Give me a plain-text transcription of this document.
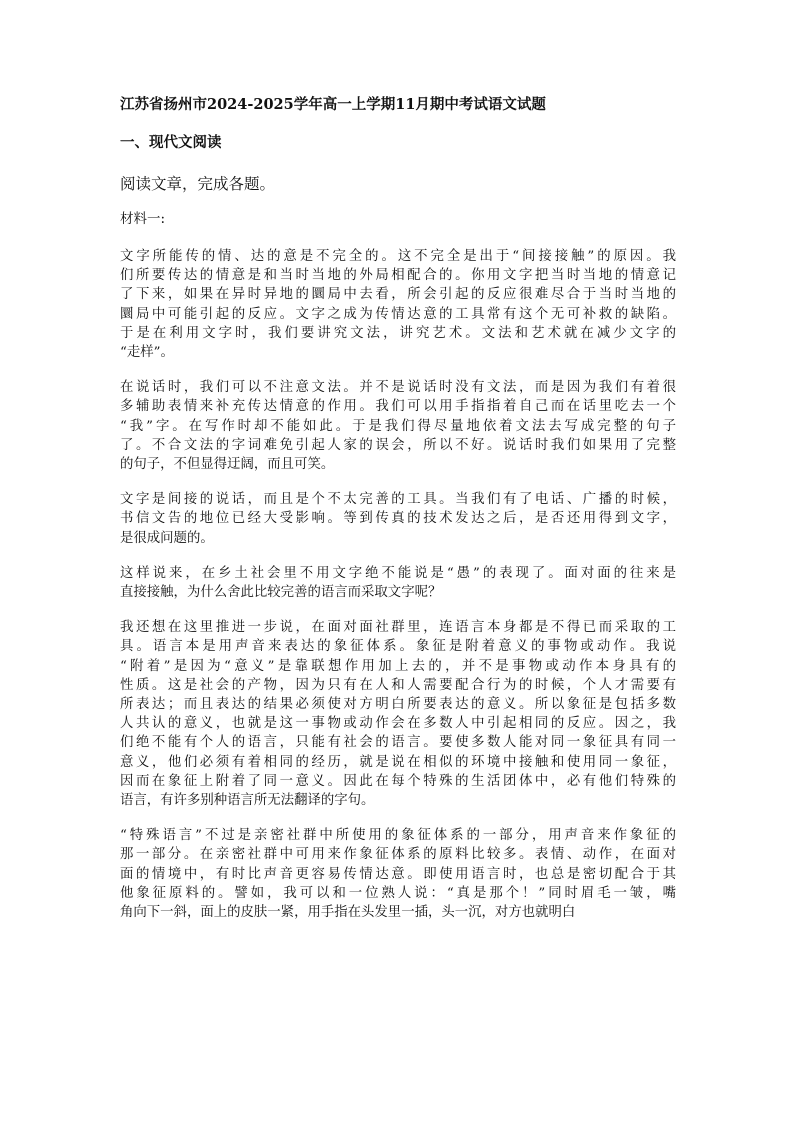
江苏省扬州市2024-2025学年高一上学期11月期中考试语文试题
一、现代文阅读
阅读文章，完成各题。
材料一:
文字所能传的情、达的意是不完全的。这不完全是出于“间接接触”的原因。我
们所要传达的情意是和当时当地的外局相配合的。你用文字把当时当地的情意记
了下来，如果在异时异地的圜局中去看，所会引起的反应很难尽合于当时当地的
圜局中可能引起的反应。文字之成为传情达意的工具常有这个无可补救的缺陷。
于是在利用文字时，我们要讲究文法，讲究艺术。文法和艺术就在减少文字的
“走样”。
在说话时，我们可以不注意文法。并不是说话时没有文法，而是因为我们有着很
多辅助表情来补充传达情意的作用。我们可以用手指指着自己而在话里吃去一个
“我”字。在写作时却不能如此。于是我们得尽量地依着文法去写成完整的句子
了。不合文法的字词难免引起人家的误会，所以不好。说话时我们如果用了完整
的句子，不但显得迂阔，而且可笑。
文字是间接的说话，而且是个不太完善的工具。当我们有了电话、广播的时候，
书信文告的地位已经大受影响。等到传真的技术发达之后，是否还用得到文字，
是很成问题的。
这样说来，在乡土社会里不用文字绝不能说是“愚”的表现了。面对面的往来是
直接接触，为什么舍此比较完善的语言而采取文字呢？
我还想在这里推进一步说，在面对面社群里，连语言本身都是不得已而采取的工
具。语言本是用声音来表达的象征体系。象征是附着意义的事物或动作。我说
“附着”是因为“意义”是靠联想作用加上去的，并不是事物或动作本身具有的
性质。这是社会的产物，因为只有在人和人需要配合行为的时候，个人才需要有
所表达；而且表达的结果必须使对方明白所要表达的意义。所以象征是包括多数
人共认的意义，也就是这一事物或动作会在多数人中引起相同的反应。因之，我
们绝不能有个人的语言，只能有社会的语言。要使多数人能对同一象征具有同一
意义，他们必须有着相同的经历，就是说在相似的环境中接触和使用同一象征，
因而在象征上附着了同一意义。因此在每个特殊的生活团体中，必有他们特殊的
语言，有许多别种语言所无法翻译的字句。
“特殊语言”不过是亲密社群中所使用的象征体系的一部分，用声音来作象征的
那一部分。在亲密社群中可用来作象征体系的原料比较多。表情、动作，在面对
面的情境中，有时比声音更容易传情达意。即使用语言时，也总是密切配合于其
他象征原料的。譬如，我可以和一位熟人说：“真是那个！”同时眉毛一皱，嘴
角向下一斜，面上的皮肤一紧，用手指在头发里一插，头一沉，对方也就明白
